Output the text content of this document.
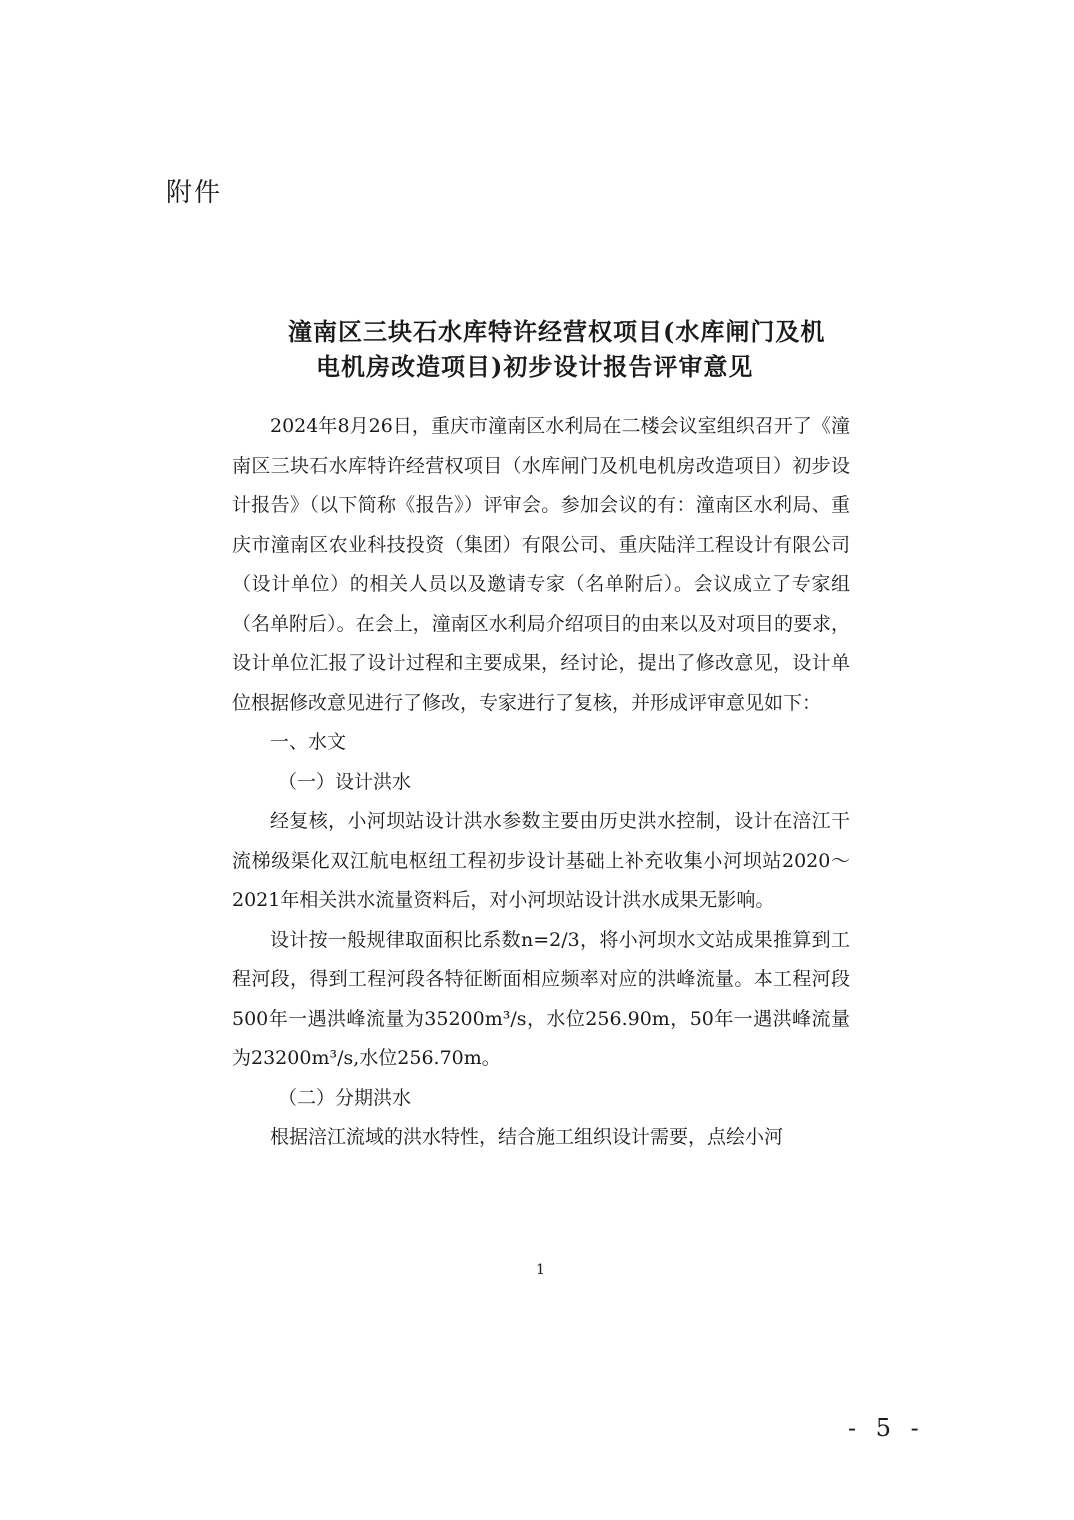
附件
潼南区三块石水库特许经营权项目(水库闸门及机
电机房改造项目)初步设计报告评审意见

2024年8月26日，重庆市潼南区水利局在二楼会议室组织召开了《潼南区三块石水库特许经营权项目（水库闸门及机电机房改造项目）初步设计报告》（以下简称《报告》）评审会。参加会议的有：潼南区水利局、重庆市潼南区农业科技投资（集团）有限公司、重庆陆洋工程设计有限公司（设计单位）的相关人员以及邀请专家（名单附后）。会议成立了专家组（名单附后）。在会上，潼南区水利局介绍项目的由来以及对项目的要求，设计单位汇报了设计过程和主要成果，经讨论，提出了修改意见，设计单位根据修改意见进行了修改，专家进行了复核，并形成评审意见如下：

一、水文

（一）设计洪水

经复核，小河坝站设计洪水参数主要由历史洪水控制，设计在涪江干流梯级渠化双江航电枢纽工程初步设计基础上补充收集小河坝站2020～2021年相关洪水流量资料后，对小河坝站设计洪水成果无影响。

设计按一般规律取面积比系数n=2/3，将小河坝水文站成果推算到工程河段，得到工程河段各特征断面相应频率对应的洪峰流量。本工程河段500年一遇洪峰流量为35200m³/s，水位256.90m，50年一遇洪峰流量为23200m³/s,水位256.70m。

（二）分期洪水

根据涪江流域的洪水特性，结合施工组织设计需要，点绘小河

1
- 5 -
